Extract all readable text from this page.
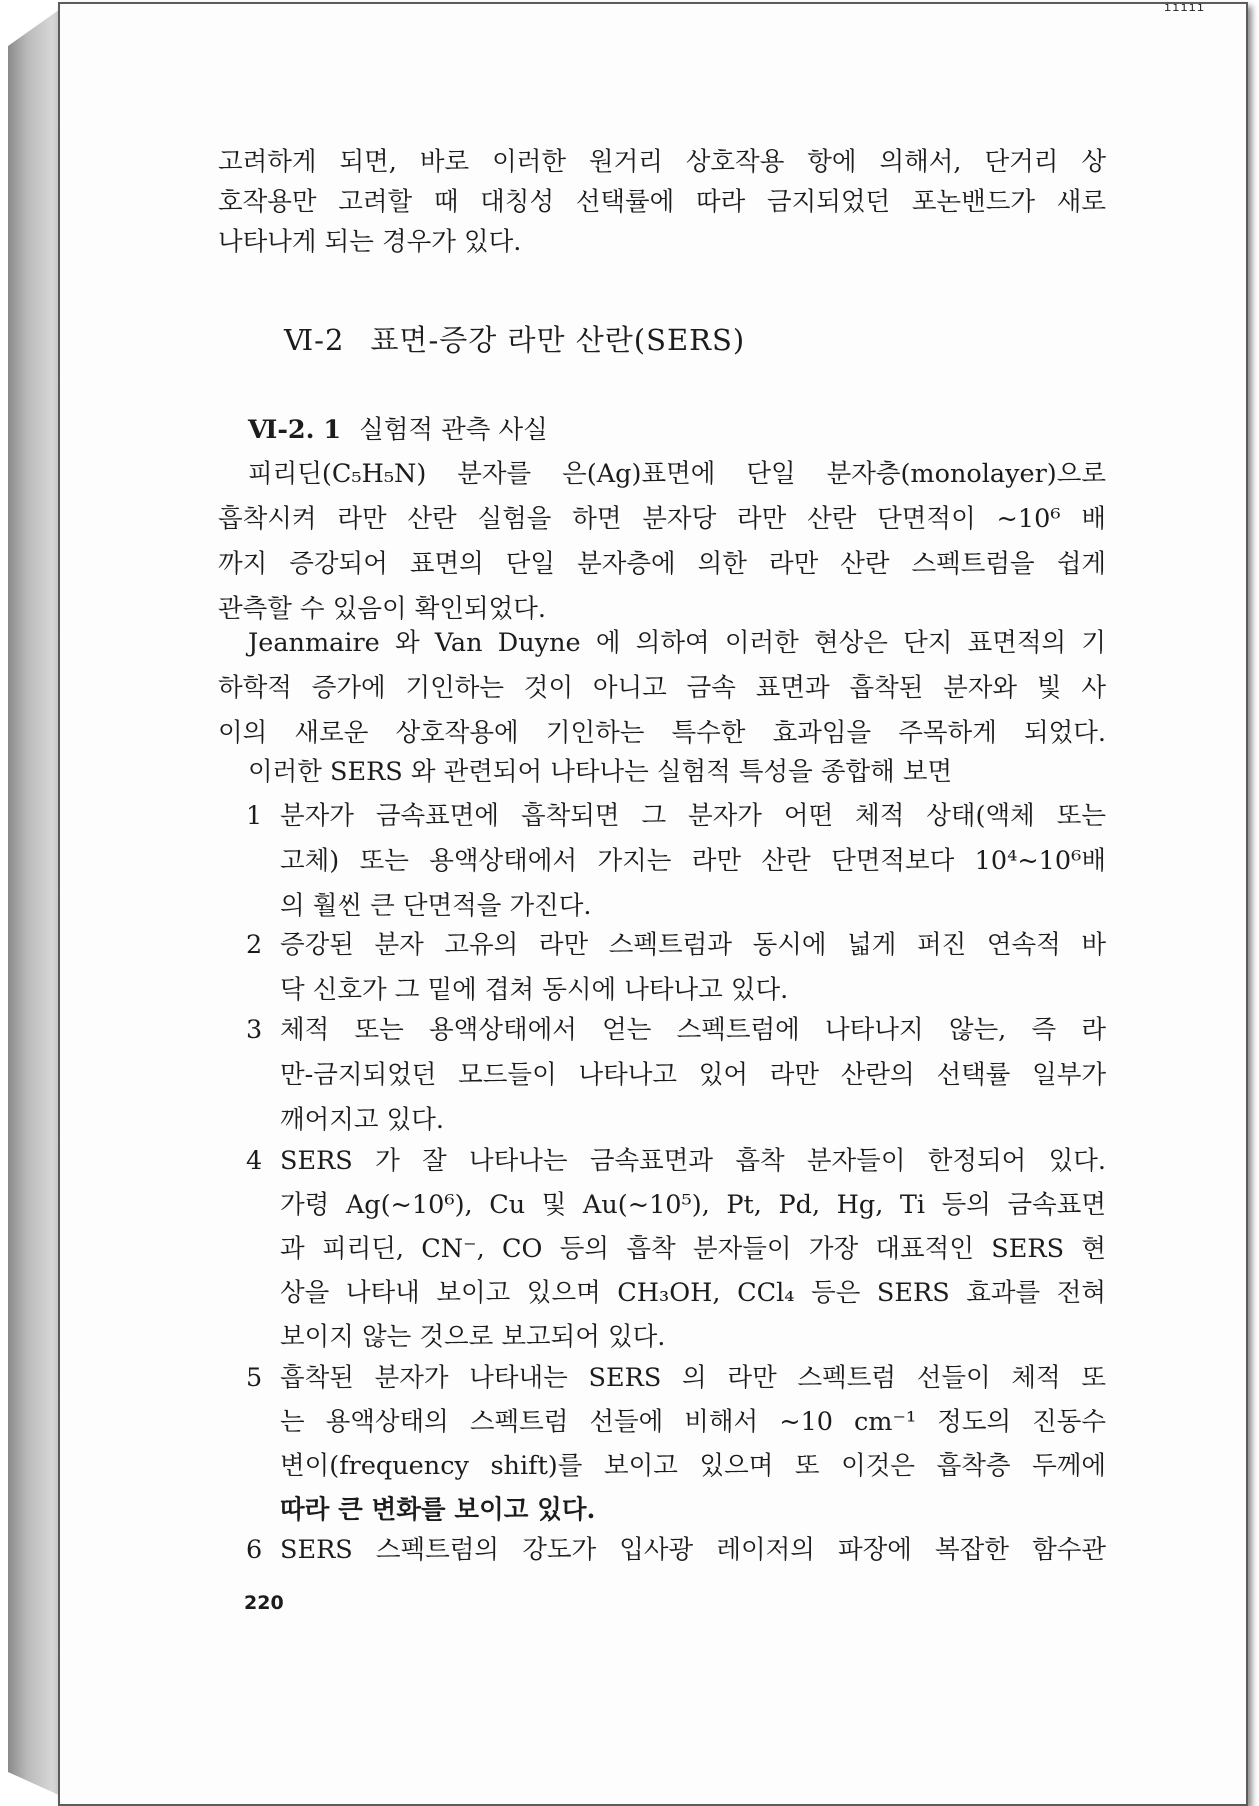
ııııı
고려하게 되면, 바로 이러한 원거리 상호작용 항에 의해서, 단거리 상
호작용만 고려할 때 대칭성 선택률에 따라 금지되었던 포논밴드가 새로
나타나게 되는 경우가 있다.
Ⅵ-2 표면-증강 라만 산란(SERS)
Ⅵ-2. 1 실험적 관측 사실
피리딘(C₅H₅N) 분자를 은(Ag)표면에 단일 분자층(monolayer)으로
흡착시켜 라만 산란 실험을 하면 분자당 라만 산란 단면적이 ~10⁶ 배
까지 증강되어 표면의 단일 분자층에 의한 라만 산란 스펙트럼을 쉽게
관측할 수 있음이 확인되었다.
Jeanmaire 와 Van Duyne 에 의하여 이러한 현상은 단지 표면적의 기
하학적 증가에 기인하는 것이 아니고 금속 표면과 흡착된 분자와 빛 사
이의 새로운 상호작용에 기인하는 특수한 효과임을 주목하게 되었다.
이러한 SERS 와 관련되어 나타나는 실험적 특성을 종합해 보면
1 분자가 금속표면에 흡착되면 그 분자가 어떤 체적 상태(액체 또는
고체) 또는 용액상태에서 가지는 라만 산란 단면적보다 10⁴~10⁶배
의 훨씬 큰 단면적을 가진다.
2 증강된 분자 고유의 라만 스펙트럼과 동시에 넓게 퍼진 연속적 바
닥 신호가 그 밑에 겹쳐 동시에 나타나고 있다.
3 체적 또는 용액상태에서 얻는 스펙트럼에 나타나지 않는, 즉 라
만-금지되었던 모드들이 나타나고 있어 라만 산란의 선택률 일부가
깨어지고 있다.
4 SERS 가 잘 나타나는 금속표면과 흡착 분자들이 한정되어 있다.
가령 Ag(~10⁶), Cu 및 Au(~10⁵), Pt, Pd, Hg, Ti 등의 금속표면
과 피리딘, CN⁻, CO 등의 흡착 분자들이 가장 대표적인 SERS 현
상을 나타내 보이고 있으며 CH₃OH, CCl₄ 등은 SERS 효과를 전혀
보이지 않는 것으로 보고되어 있다.
5 흡착된 분자가 나타내는 SERS 의 라만 스펙트럼 선들이 체적 또
는 용액상태의 스펙트럼 선들에 비해서 ~10 cm⁻¹ 정도의 진동수
변이(frequency shift)를 보이고 있으며 또 이것은 흡착층 두께에
따라 큰 변화를 보이고 있다.
6 SERS 스펙트럼의 강도가 입사광 레이저의 파장에 복잡한 함수관
220
